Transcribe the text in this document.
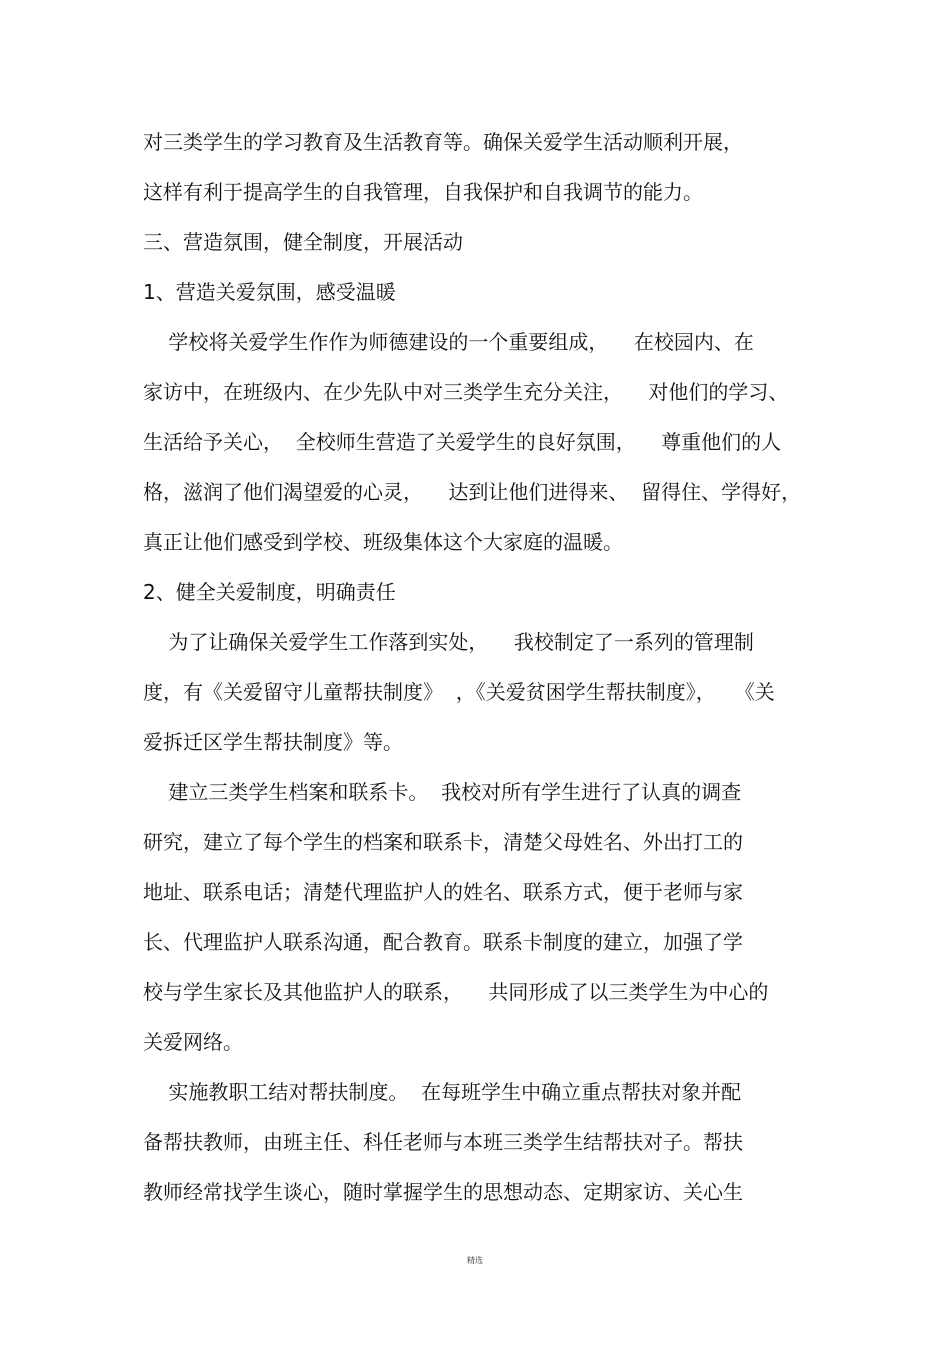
对三类学生的学习教育及生活教育等。确保关爱学生活动顺利开展，
这样有利于提高学生的自我管理，自我保护和自我调节的能力。
三、营造氛围，健全制度，开展活动
1、营造关爱氛围，感受温暖
学校将关爱学生作作为师德建设的一个重要组成，    在校园内、在
家访中，在班级内、在少先队中对三类学生充分关注，    对他们的学习、
生活给予关心，  全校师生营造了关爱学生的良好氛围，    尊重他们的人
格，滋润了他们渴望爱的心灵，    达到让他们进得来、  留得住、学得好，
真正让他们感受到学校、班级集体这个大家庭的温暖。
2、健全关爱制度，明确责任
为了让确保关爱学生工作落到实处，    我校制定了一系列的管理制
度，有《关爱留守儿童帮扶制度》  ，《关爱贫困学生帮扶制度》，   《关
爱拆迁区学生帮扶制度》等。
建立三类学生档案和联系卡。  我校对所有学生进行了认真的调查
研究，建立了每个学生的档案和联系卡，清楚父母姓名、外出打工的
地址、联系电话；清楚代理监护人的姓名、联系方式，便于老师与家
长、代理监护人联系沟通，配合教育。联系卡制度的建立，加强了学
校与学生家长及其他监护人的联系，    共同形成了以三类学生为中心的
关爱网络。
实施教职工结对帮扶制度。  在每班学生中确立重点帮扶对象并配
备帮扶教师，由班主任、科任老师与本班三类学生结帮扶对子。帮扶
教师经常找学生谈心，随时掌握学生的思想动态、定期家访、关心生
精选
